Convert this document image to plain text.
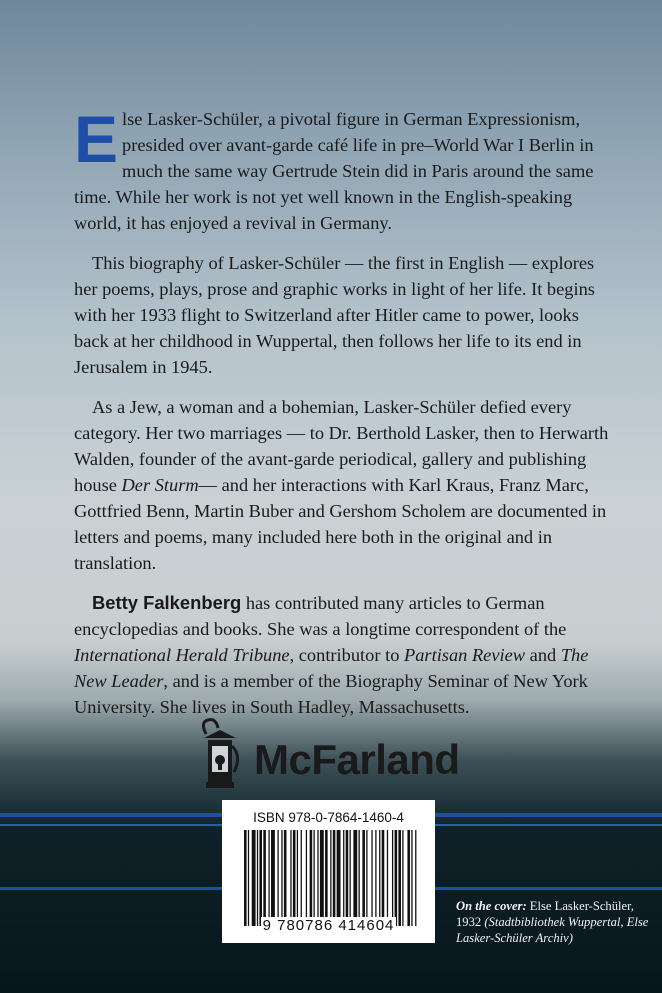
Else Lasker-Schüler, a pivotal figure in German Expressionism, presided over avant-garde café life in pre–World War I Berlin in much the same way Gertrude Stein did in Paris around the same time. While her work is not yet well known in the English-speaking world, it has enjoyed a revival in Germany.

This biography of Lasker-Schüler — the first in English — explores her poems, plays, prose and graphic works in light of her life. It begins with her 1933 flight to Switzerland after Hitler came to power, looks back at her childhood in Wuppertal, then follows her life to its end in Jerusalem in 1945.

As a Jew, a woman and a bohemian, Lasker-Schüler defied every category. Her two marriages — to Dr. Berthold Lasker, then to Herwarth Walden, founder of the avant-garde periodical, gallery and publishing house Der Sturm— and her interactions with Karl Kraus, Franz Marc, Gottfried Benn, Martin Buber and Gershom Scholem are documented in letters and poems, many included here both in the original and in translation.

Betty Falkenberg has contributed many articles to German encyclopedias and books. She was a longtime correspondent of the International Herald Tribune, contributor to Partisan Review and The New Leader, and is a member of the Biography Seminar of New York University. She lives in South Hadley, Massachusetts.

McFarland
ISBN 978-0-7864-1460-4
9 780786 414604
On the cover: Else Lasker-Schüler, 1932 (Stadtbibliothek Wuppertal, Else Lasker-Schüler Archiv)
